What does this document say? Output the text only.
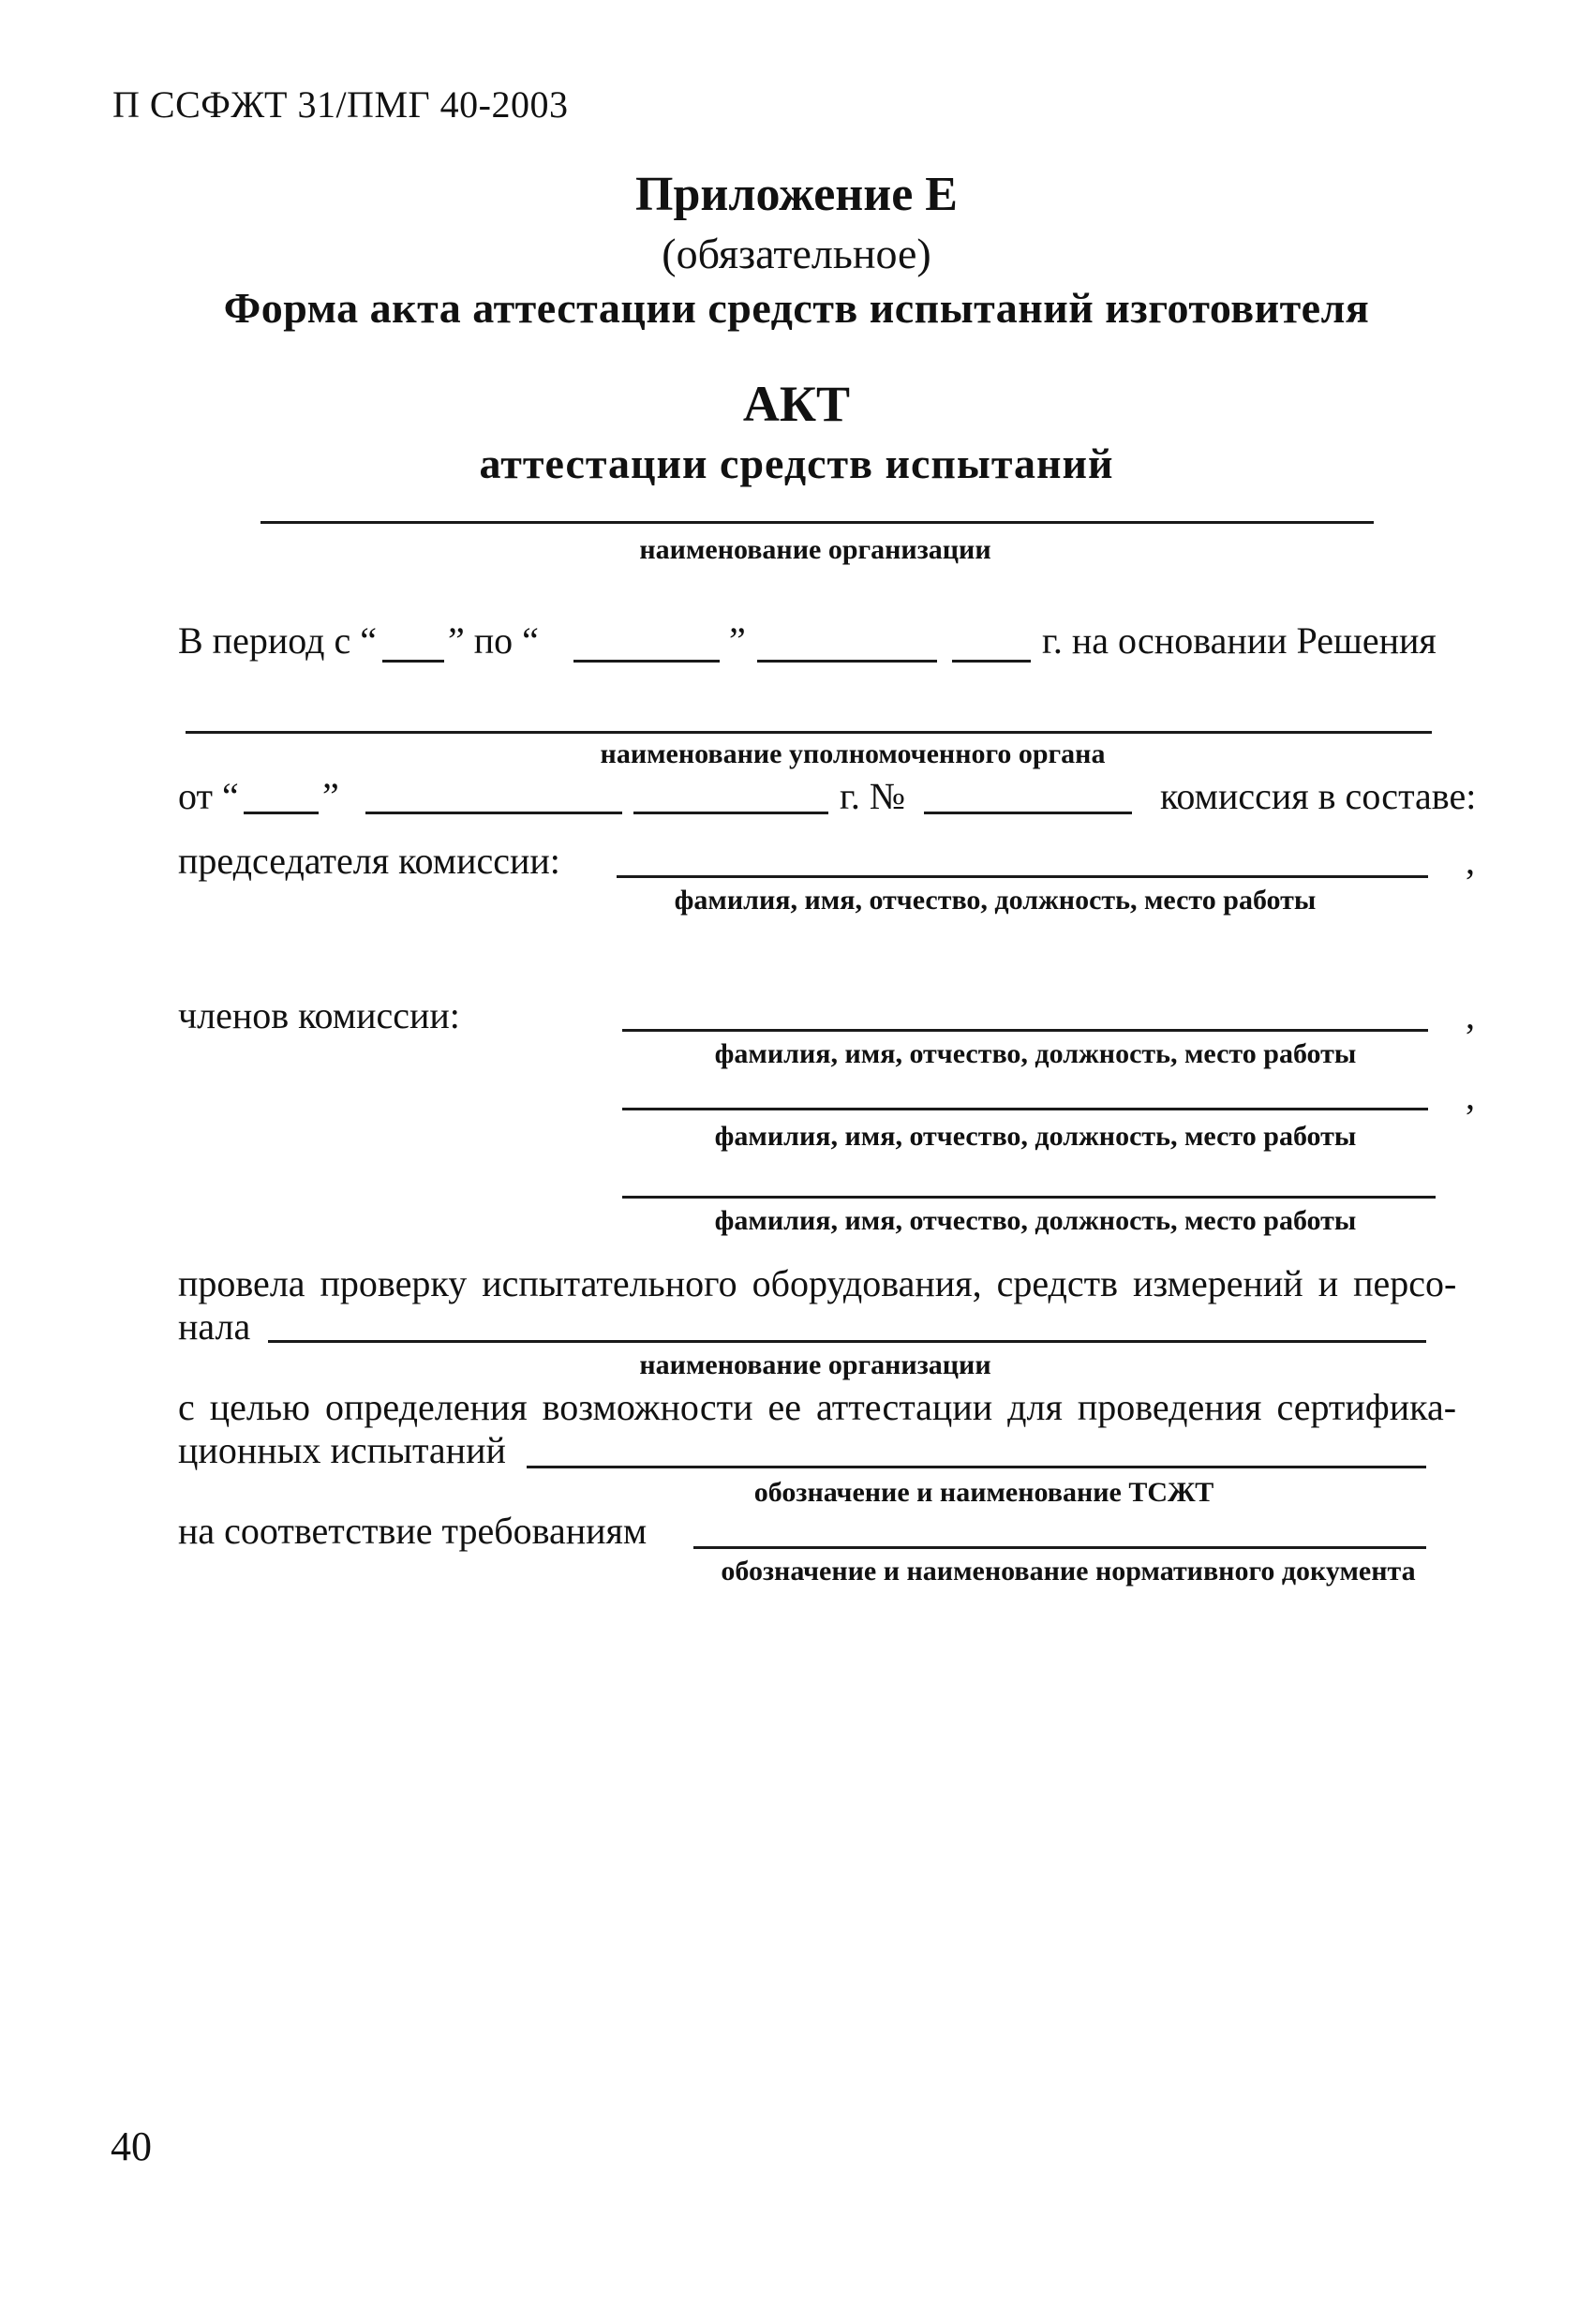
П ССФЖТ 31/ПМГ 40-2003
Приложение Е
(обязательное)
Форма акта аттестации средств испытаний изготовителя
АКТ
аттестации средств испытаний
наименование организации
В период с “ ” по “	”	г. на основании Решения
наименование уполномоченного органа
от “ ”	г. №	комиссия в составе:
председателя комиссии:	,
фамилия, имя, отчество, должность, место работы
членов комиссии:	,
фамилия, имя, отчество, должность, место работы
,
фамилия, имя, отчество, должность, место работы
фамилия, имя, отчество, должность, место работы
провела проверку испытательного оборудования, средств измерений и персо-
нала
наименование организации
с целью определения возможности ее аттестации для проведения сертифика-
ционных испытаний
обозначение и наименование ТСЖТ
на соответствие требованиям
обозначение и наименование нормативного документа
40
